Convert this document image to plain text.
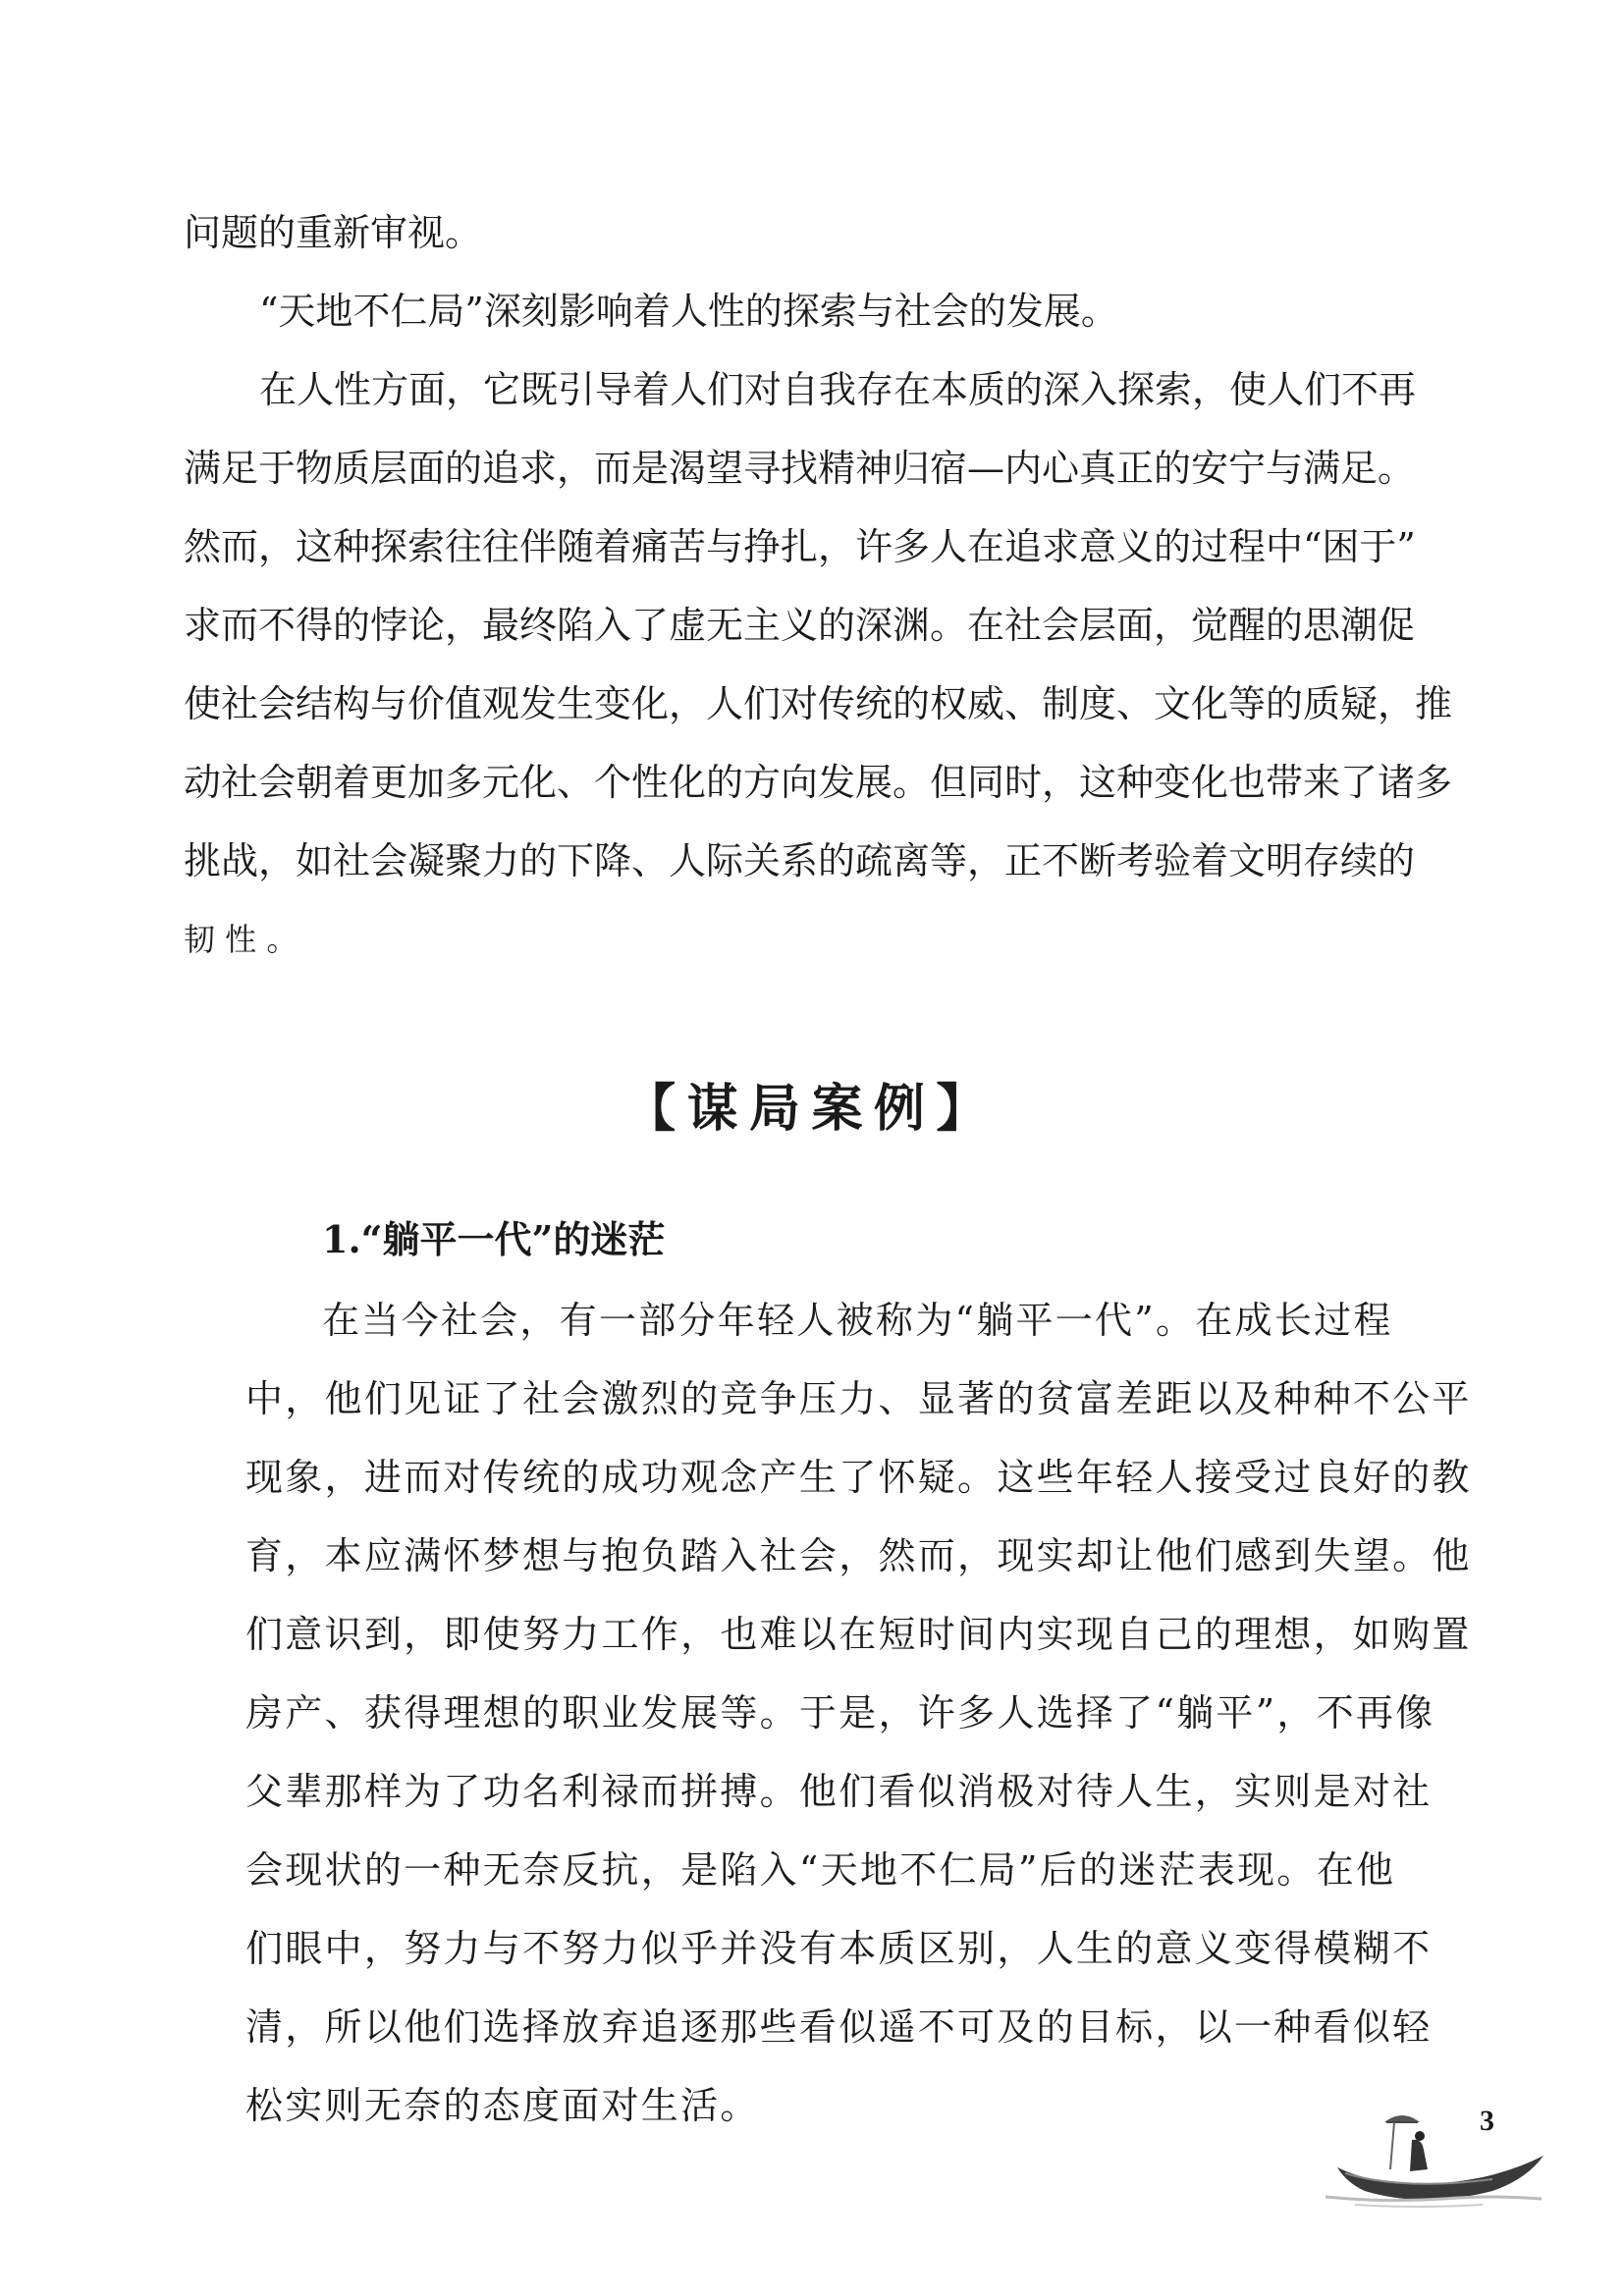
问题的重新审视。
“天地不仁局”深刻影响着人性的探索与社会的发展。
在人性方面，它既引导着人们对自我存在本质的深入探索，使人们不再
满足于物质层面的追求，而是渴望寻找精神归宿—内心真正的安宁与满足。
然而，这种探索往往伴随着痛苦与挣扎，许多人在追求意义的过程中“困于”
求而不得的悖论，最终陷入了虚无主义的深渊。在社会层面，觉醒的思潮促
使社会结构与价值观发生变化，人们对传统的权威、制度、文化等的质疑，推
动社会朝着更加多元化、个性化的方向发展。但同时，这种变化也带来了诸多
挑战，如社会凝聚力的下降、人际关系的疏离等，正不断考验着文明存续的
韧 性 。
【谋局案例】
1.“躺平一代”的迷茫
在当今社会，有一部分年轻人被称为“躺平一代”。在成长过程
中，他们见证了社会激烈的竞争压力、显著的贫富差距以及种种不公平
现象，进而对传统的成功观念产生了怀疑。这些年轻人接受过良好的教
育，本应满怀梦想与抱负踏入社会，然而，现实却让他们感到失望。他
们意识到，即使努力工作，也难以在短时间内实现自己的理想，如购置
房产、获得理想的职业发展等。于是，许多人选择了“躺平”，不再像
父辈那样为了功名利禄而拼搏。他们看似消极对待人生，实则是对社
会现状的一种无奈反抗，是陷入“天地不仁局”后的迷茫表现。在他
们眼中，努力与不努力似乎并没有本质区别，人生的意义变得模糊不
清，所以他们选择放弃追逐那些看似遥不可及的目标，以一种看似轻
松实则无奈的态度面对生活。	3
